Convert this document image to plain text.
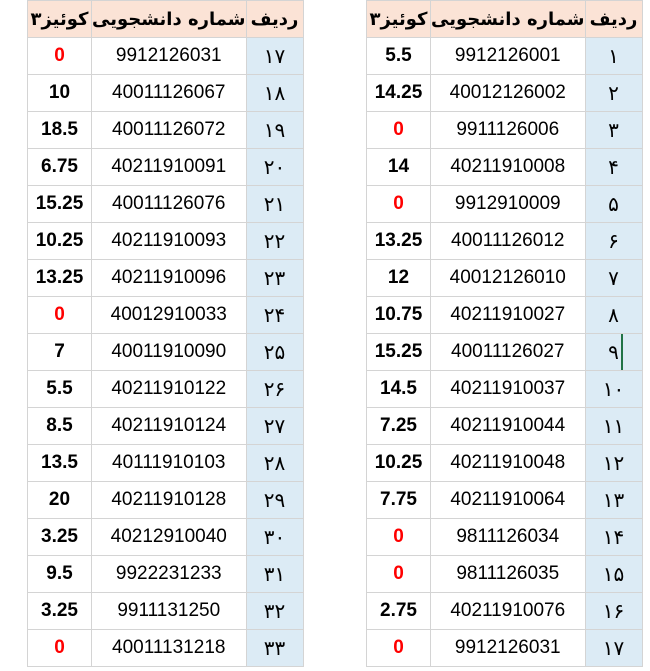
کوئیز۳	شماره دانشجویی	ردیف
0	9912126031	۱۷
10	40011126067	۱۸
18.5	40011126072	۱۹
6.75	40211910091	۲۰
15.25	40011126076	۲۱
10.25	40211910093	۲۲
13.25	40211910096	۲۳
0	40012910033	۲۴
7	40011910090	۲۵
5.5	40211910122	۲۶
8.5	40211910124	۲۷
13.5	40111910103	۲۸
20	40211910128	۲۹
3.25	40212910040	۳۰
9.5	9922231233	۳۱
3.25	9911131250	۳۲
0	40011131218	۳۳
کوئیز۳	شماره دانشجویی	ردیف
5.5	9912126001	۱
14.25	40012126002	۲
0	9911126006	۳
14	40211910008	۴
0	9912910009	۵
13.25	40011126012	۶
12	40012126010	۷
10.75	40211910027	۸
15.25	40011126027	۹
14.5	40211910037	۱۰
7.25	40211910044	۱۱
10.25	40211910048	۱۲
7.75	40211910064	۱۳
0	9811126034	۱۴
0	9811126035	۱۵
2.75	40211910076	۱۶
0	9912126031	۱۷
